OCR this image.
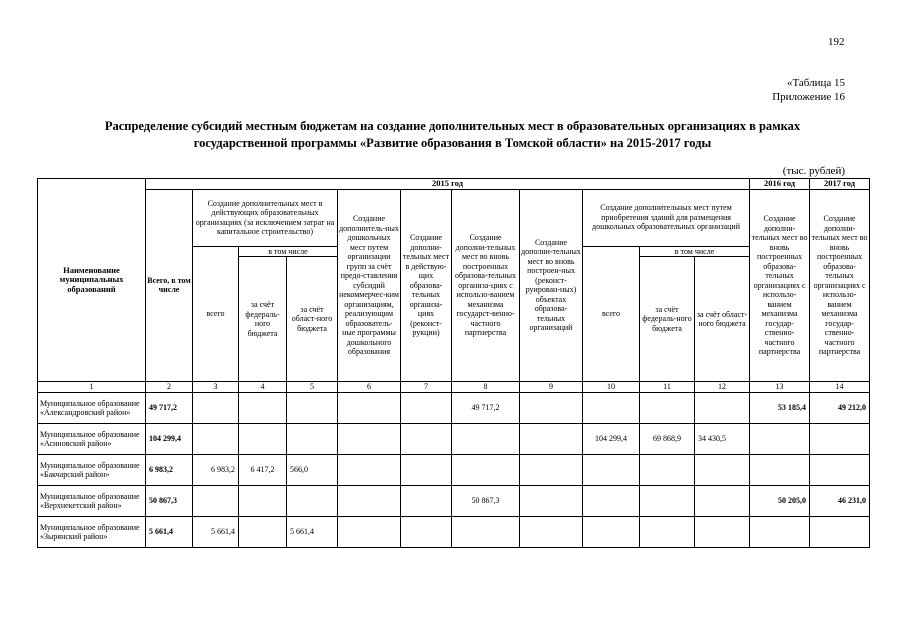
192
«Таблица 15
Приложение 16
Распределение субсидий местным бюджетам на создание дополнительных мест в образовательных организациях в рамках
государственной программы «Развитие образования в Томской области» на 2015-2017 годы
(тыс. рублей)
Наименование муниципальных образований	2015 год											2016 год	2017 год
	Всего, в том числе	Создание дополнительных мест в действующих образовательных организациях (за исключением затрат на капитальное строительство)			Создание дополнитель-ных дошкольных мест путем организации групп за счёт предо-ставления субсидий некоммерчес-ким организациям, реализующим образователь-ные программы дошкольного образования	Создание дополни-тельных мест в действую-щих образова-тельных организа-циях (реконст-рукции)	Создание дополни-тельных мест во вновь построенных образова-тельных организа-циях с использо-ванием механизма государст-венно-частного партнерства	Создание дополни-тельных мест во вновь построен-ных (реконст-руирован-ных) объектах образова-тельных организаций	Создание дополнительных мест путем приобретения зданий для размещения дошкольных образовательных организаций			Создание дополни-тельных мест во вновь построенных образова-тельных организациях с использо-ванием механизма государ-ственно-частного партнерства	Создание дополни-тельных мест во вновь построенных образова-тельных организациях с использо-ванием механизма государ-ственно-частного партнерства
		всего	в том числе						всего	в том числе			
			за счёт федераль-ного бюджета	за счёт област-ного бюджета						за счёт федераль-ного бюджета	за счёт област-ного бюджета		
1	2	3	4	5	6	7	8	9	10	11	12	13	14
Муниципальное образование «Александровский район»	49 717,2						49 717,2					53 185,4	49 212,0
Муниципальное образование «Асиновский район»	104 299,4								104 299,4	69 868,9	34 430,5		
Муниципальное образование «Бакчарский район»	6 983,2	6 983,2	6 417,2	566,0									
Муниципальное образование «Верхнекетский район»	50 867,3						50 867,3					50 205,0	46 231,0
Муниципальное образование «Зырянский район»	5 661,4	5 661,4		5 661,4									
